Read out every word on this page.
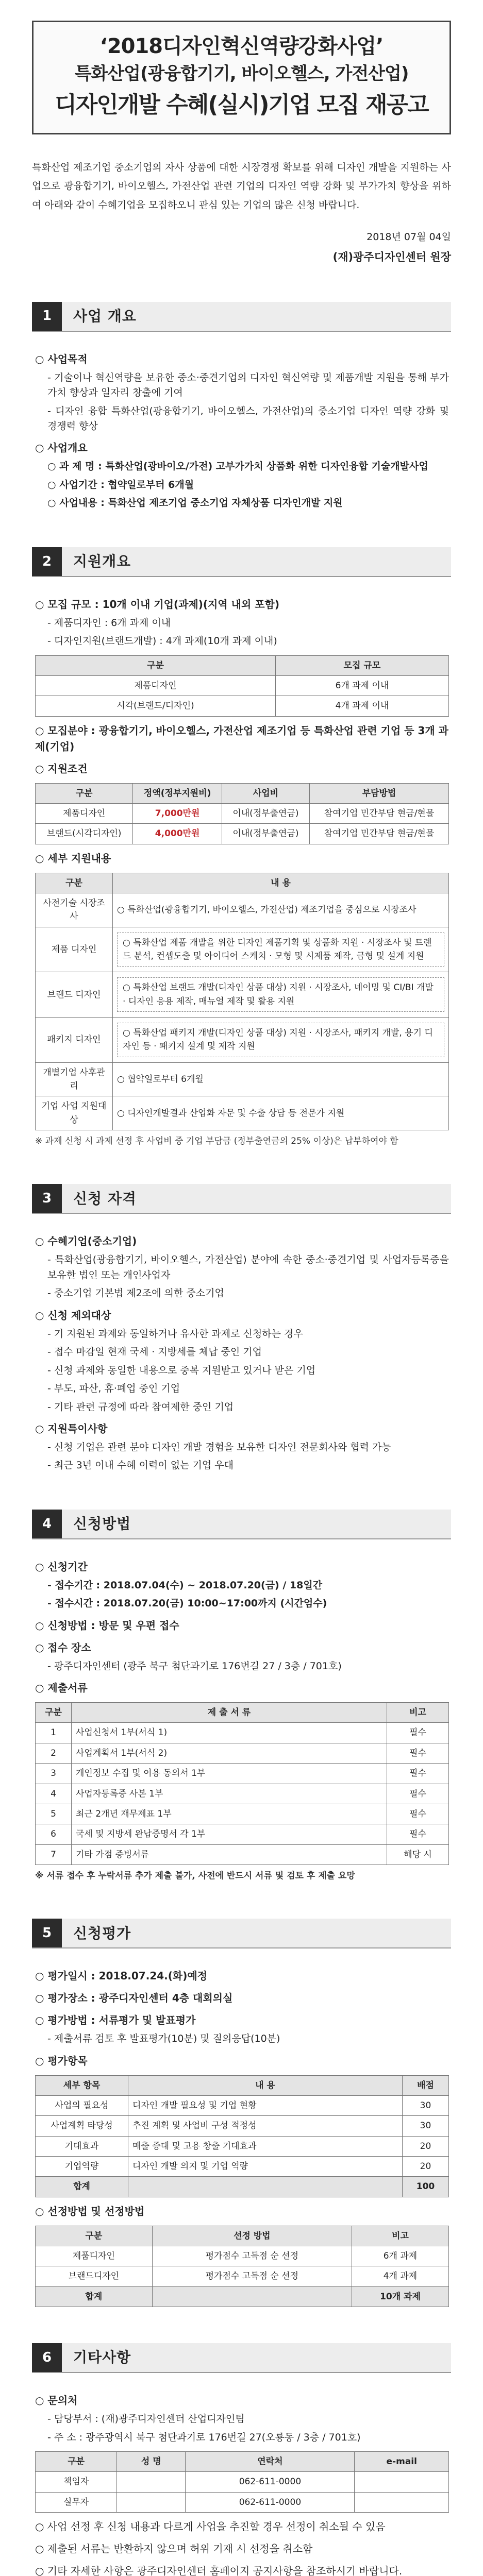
‘2018디자인혁신역량강화사업’
특화산업(광융합기기, 바이오헬스, 가전산업)
디자인개발 수혜(실시)기업 모집 재공고

특화산업 제조기업 중소기업의 자사 상품에 대한 시장경쟁 확보를 위해 디자인 개발을 지원하는 사업으로 광융합기기, 바이오헬스, 가전산업 관련 기업의 디자인 역량 강화 및 부가가치 향상을 위하여 아래와 같이 수혜기업을 모집하오니 관심 있는 기업의 많은 신청 바랍니다.

2018년 07월 04일
(재)광주디자인센터 원장
1	사업 개요
○ 사업목적
- 기술이나 혁신역량을 보유한 중소·중견기업의 디자인 혁신역량 및 제품개발 지원을 통해 부가가치 향상과 일자리 창출에 기여
- 디자인 융합 특화산업(광융합기기, 바이오헬스, 가전산업)의 중소기업 디자인 역량 강화 및 경쟁력 향상
○ 사업개요
○ 과 제 명 : 특화산업(광바이오/가전) 고부가가치 상품화 위한 디자인융합 기술개발사업
○ 사업기간 : 협약일로부터 6개월
○ 사업내용 : 특화산업 제조기업 중소기업 자체상품 디자인개발 지원
2	지원개요
○ 모집 규모 : 10개 이내 기업(과제)(지역 내외 포함)
- 제품디자인 : 6개 과제 이내
- 디자인지원(브랜드개발) : 4개 과제(10개 과제 이내)
구분	모집 규모
제품디자인	6개 과제 이내
시각(브랜드/디자인)	4개 과제 이내
○ 모집분야 : 광융합기기, 바이오헬스, 가전산업 제조기업 등 특화산업 관련 기업 등 3개 과제(기업)
○ 지원조건
구분	정액(정부지원비)	사업비	부담방법
제품디자인	7,000만원	이내(정부출연금)	참여기업 민간부담 현금/현물
브랜드(시각디자인)	4,000만원	이내(정부출연금)	참여기업 민간부담 현금/현물
○ 세부 지원내용
구분	내 용
사전기술 시장조사	○ 특화산업(광융합기기, 바이오헬스, 가전산업) 제조기업을 중심으로 시장조사
제품 디자인	○ 특화산업 제품 개발을 위한 디자인 제품기획 및 상품화 지원 · 시장조사 및 트렌드 분석, 컨셉도출 및 아이디어 스케치 · 모형 및 시제품 제작, 금형 및 설계 지원

브랜드 디자인	○ 특화산업 브랜드 개발(디자인 상품 대상) 지원 · 시장조사, 네이밍 및 CI/BI 개발 · 디자인 응용 제작, 매뉴얼 제작 및 활용 지원

패키지 디자인	○ 특화산업 패키지 개발(디자인 상품 대상) 지원 · 시장조사, 패키지 개발, 용기 디자인 등 · 패키지 설계 및 제작 지원

개별기업 사후관리	○ 협약일로부터 6개월
기업 사업 지원대상	○ 디자인개발결과 산업화 자문 및 수출 상담 등 전문가 지원
※ 과제 신청 시 과제 선정 후 사업비 중 기업 부담금 (정부출연금의 25% 이상)은 납부하여야 함
3	신청 자격
○ 수혜기업(중소기업)
- 특화산업(광융합기기, 바이오헬스, 가전산업) 분야에 속한 중소·중견기업 및 사업자등록증을 보유한 법인 또는 개인사업자
- 중소기업 기본법 제2조에 의한 중소기업
○ 신청 제외대상
- 기 지원된 과제와 동일하거나 유사한 과제로 신청하는 경우
- 접수 마감일 현재 국세 · 지방세를 체납 중인 기업
- 신청 과제와 동일한 내용으로 중복 지원받고 있거나 받은 기업
- 부도, 파산, 휴·폐업 중인 기업
- 기타 관련 규정에 따라 참여제한 중인 기업
○ 지원특이사항
- 신청 기업은 관련 분야 디자인 개발 경험을 보유한 디자인 전문회사와 협력 가능
- 최근 3년 이내 수혜 이력이 없는 기업 우대
4	신청방법
○ 신청기간
- 접수기간 : 2018.07.04(수) ~ 2018.07.20(금) / 18일간
- 접수시간 : 2018.07.20(금) 10:00~17:00까지 (시간엄수)
○ 신청방법 : 방문 및 우편 접수
○ 접수 장소
- 광주디자인센터 (광주 북구 첨단과기로 176번길 27 / 3층 / 701호)
○ 제출서류
구분	제 출 서 류	비고
1	사업신청서 1부(서식 1)	필수
2	사업계획서 1부(서식 2)	필수
3	개인정보 수집 및 이용 동의서 1부	필수
4	사업자등록증 사본 1부	필수
5	최근 2개년 재무제표 1부	필수
6	국세 및 지방세 완납증명서 각 1부	필수
7	기타 가점 증빙서류	해당 시
※ 서류 접수 후 누락서류 추가 제출 불가, 사전에 반드시 서류 및 검토 후 제출 요망
5	신청평가
○ 평가일시 : 2018.07.24.(화)예정
○ 평가장소 : 광주디자인센터 4층 대회의실
○ 평가방법 : 서류평가 및 발표평가
- 제출서류 검토 후 발표평가(10분) 및 질의응답(10분)
○ 평가항목
세부 항목	내 용	배점
사업의 필요성	디자인 개발 필요성 및 기업 현황	30
사업계획 타당성	추진 계획 및 사업비 구성 적정성	30
기대효과	매출 증대 및 고용 창출 기대효과	20
기업역량	디자인 개발 의지 및 기업 역량	20
합계		100
○ 선정방법 및 선정방법
구분	선정 방법	비고
제품디자인	평가점수 고득점 순 선정	6개 과제
브랜드디자인	평가점수 고득점 순 선정	4개 과제
합계		10개 과제
6	기타사항
○ 문의처
- 담당부서 : (재)광주디자인센터 산업디자인팀
- 주 소 : 광주광역시 북구 첨단과기로 176번길 27(오룡동 / 3층 / 701호)
구분	성 명	연락처	e-mail
책임자		062-611-0000	
실무자		062-611-0000	
○ 사업 선정 후 신청 내용과 다르게 사업을 추진할 경우 선정이 취소될 수 있음
○ 제출된 서류는 반환하지 않으며 허위 기재 시 선정을 취소함
○ 기타 자세한 사항은 광주디자인센터 홈페이지 공지사항을 참조하시기 바랍니다.
